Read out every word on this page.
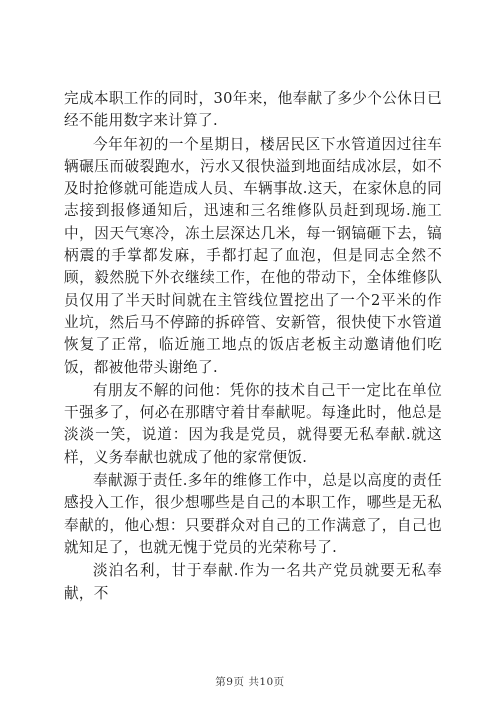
完成本职工作的同时，30年来，他奉献了多少个公休日已经不能用数字来计算了.

今年年初的一个星期日，楼居民区下水管道因过往车辆碾压而破裂跑水，污水又很快溢到地面结成冰层，如不及时抢修就可能造成人员、车辆事故.这天，在家休息的同志接到报修通知后，迅速和三名维修队员赶到现场.施工中，因天气寒冷，冻土层深达几米，每一钢镐砸下去，镐柄震的手掌都发麻，手都打起了血泡，但是同志全然不顾，毅然脱下外衣继续工作，在他的带动下，全体维修队员仅用了半天时间就在主管线位置挖出了一个2平米的作业坑，然后马不停蹄的拆碎管、安新管，很快使下水管道恢复了正常，临近施工地点的饭店老板主动邀请他们吃饭，都被他带头谢绝了.

有朋友不解的问他：凭你的技术自己干一定比在单位干强多了，何必在那瞎守着甘奉献呢。每逢此时，他总是淡淡一笑，说道：因为我是党员，就得要无私奉献.就这样，义务奉献也就成了他的家常便饭.

奉献源于责任.多年的维修工作中，总是以高度的责任感投入工作，很少想哪些是自己的本职工作，哪些是无私奉献的，他心想：只要群众对自己的工作满意了，自己也就知足了，也就无愧于党员的光荣称号了.

淡泊名利，甘于奉献.作为一名共产党员就要无私奉献，不

第9页 共10页
